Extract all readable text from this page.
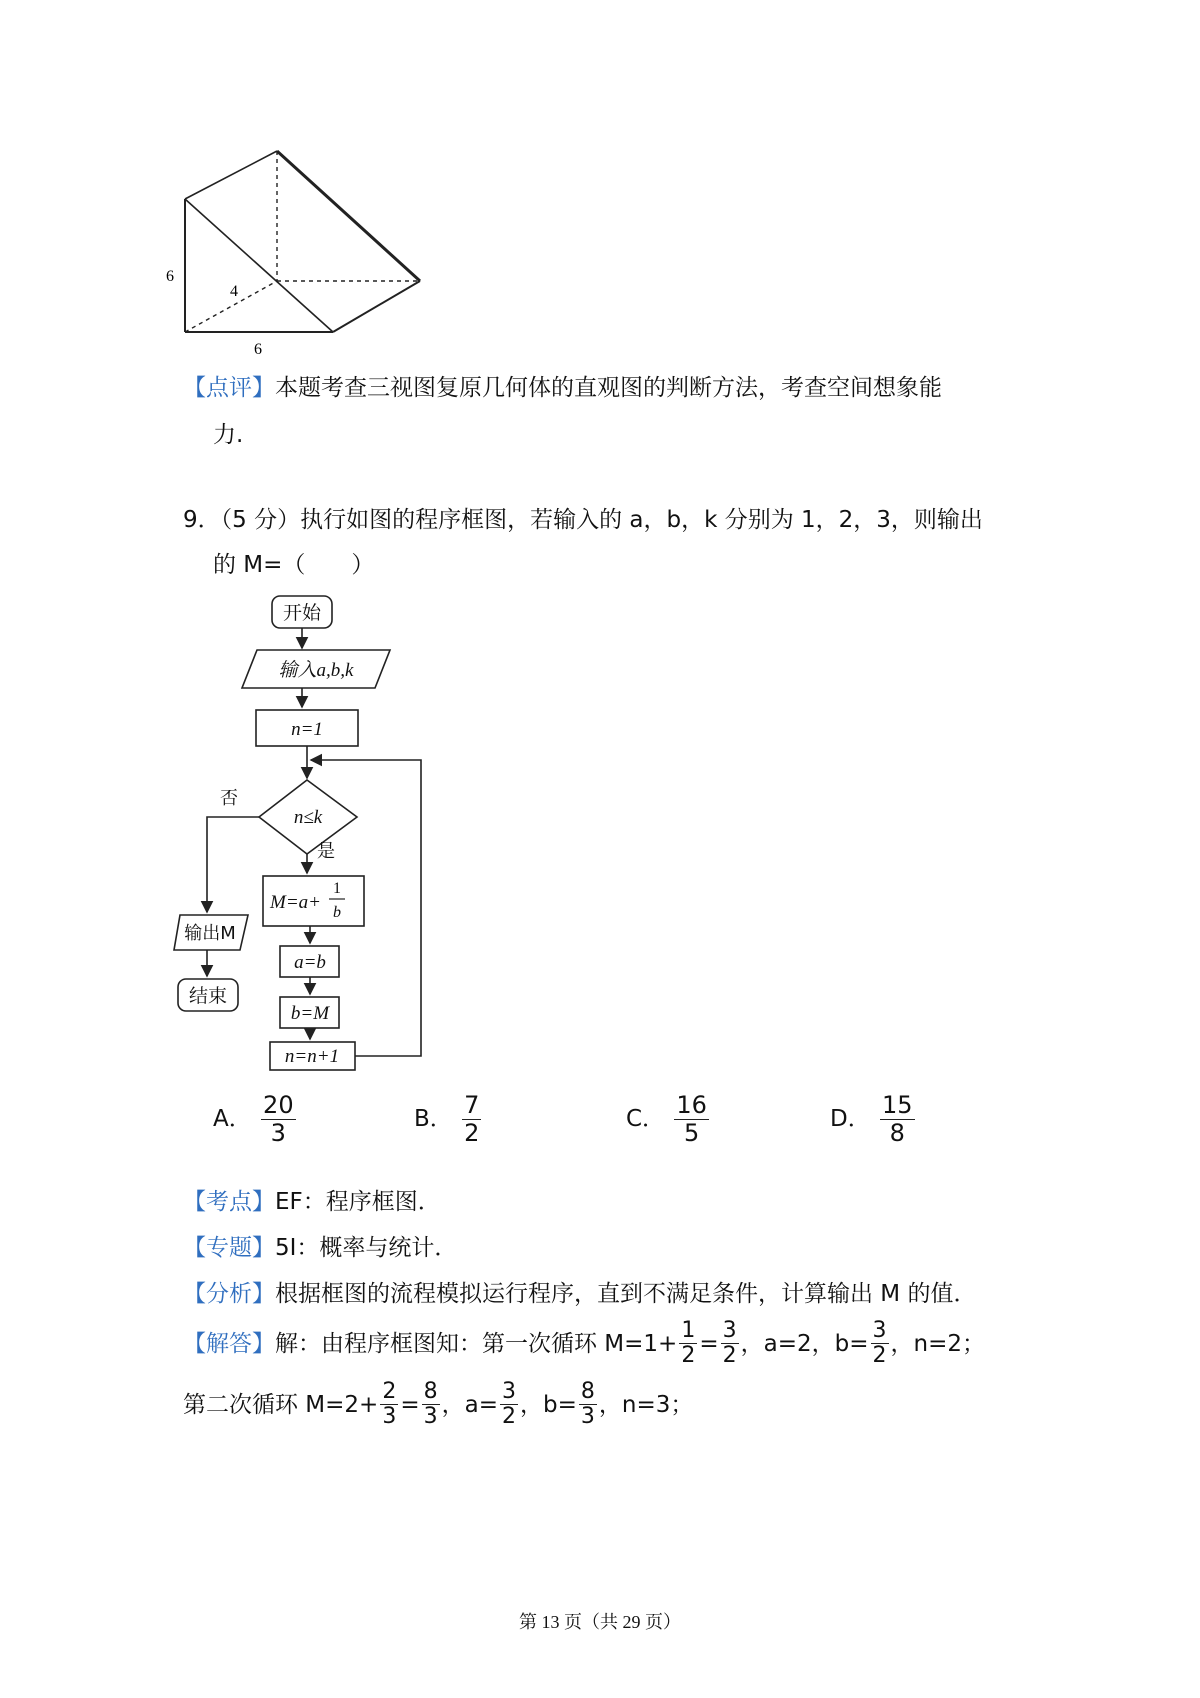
6
4
6
【点评】本题考查三视图复原几何体的直观图的判断方法，考查空间想象能
力.
9．（5 分）执行如图的程序框图，若输入的 a，b，k 分别为 1，2，3，则输出
的 M=（　　）
开始
输入a,b,k
n=1
n≤k
否
是
M=a+
1
b
a=b
b=M
n=n+1
输出M
结束
A． $\frac{20}{3}$	B． $\frac{7}{2}$	C． $\frac{16}{5}$	D． $\frac{15}{8}$
【考点】EF：程序框图．
【专题】5I：概率与统计．
【分析】根据框图的流程模拟运行程序，直到不满足条件，计算输出 M 的值．
【解答】 解：由程序框图知：第一次循环 $M=1+ \frac{1}{2} = \frac{3}{2}$ ，a=2，$b= \frac{3}{2}$ ，n=2；
第二次循环 $M=2+ \frac{2}{3} = \frac{8}{3}$ ，$a= \frac{3}{2}$ ，$b= \frac{8}{3}$ ，n=3；
第 13 页（共 29 页）
